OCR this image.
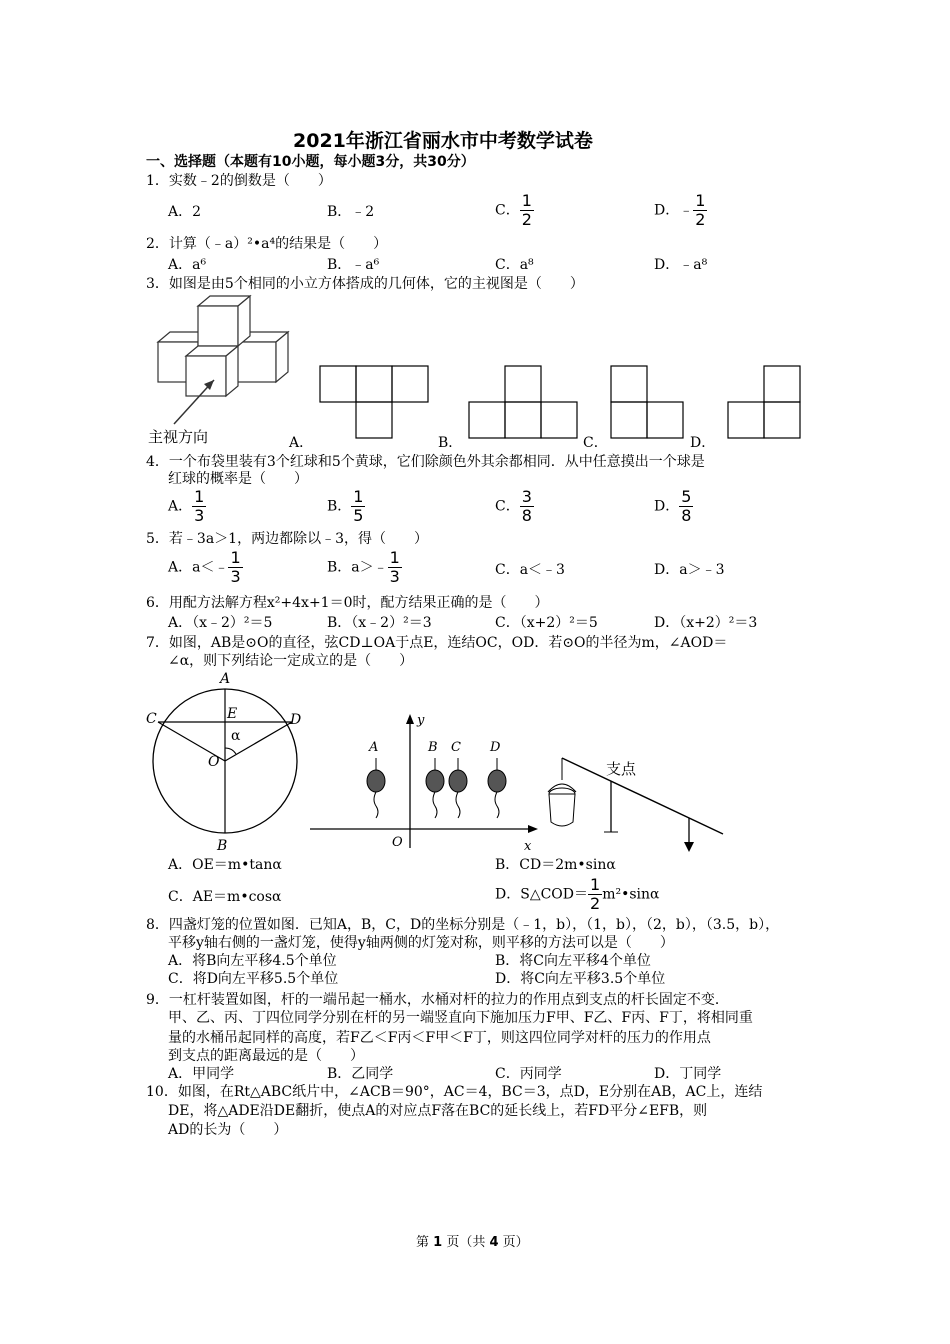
2021年浙江省丽水市中考数学试卷
一、选择题（本题有10小题，每小题3分，共30分）
1．实数﹣2的倒数是（　　）
A．2	B．﹣2	C． $\frac{1}{2}$	D．﹣ $\frac{1}{2}$
2．计算（﹣a）²•a⁴的结果是（　　）
A．a⁶	B．﹣a⁶	C．a⁸	D．﹣a⁸
3．如图是由5个相同的小立方体搭成的几何体，它的主视图是（　　）
主视方向	A．	B．	C．	D．
4．一个布袋里装有3个红球和5个黄球，它们除颜色外其余都相同．从中任意摸出一个球是
红球的概率是（　　）
A． $\frac{1}{3}$	B． $\frac{1}{5}$	C． $\frac{3}{8}$	D． $\frac{5}{8}$
5．若﹣3a＞1，两边都除以﹣3，得（　　）
A．a＜﹣ $\frac{1}{3}$	B．a＞﹣ $\frac{1}{3}$	C．a＜﹣3	D．a＞﹣3
6．用配方法解方程x²+4x+1＝0时，配方结果正确的是（　　）
A．（x﹣2）²＝5	B．（x﹣2）²＝3	C．（x+2）²＝5	D．（x+2）²＝3
7．如图，AB是⊙O的直径，弦CD⊥OA于点E，连结OC，OD．若⊙O的半径为m，∠AOD＝
∠α，则下列结论一定成立的是（　　）
A
C	D
E
O
α
B
y
x
O
A	B C D
支点
A．OE＝m•tanα	B．CD＝2m•sinα
C．AE＝m•cosα	D．S△COD＝ $\frac{1}{2}$ m²•sinα
8．四盏灯笼的位置如图．已知A，B，C，D的坐标分别是（﹣1，b），（1，b），（2，b），（3.5，b），
平移y轴右侧的一盏灯笼，使得y轴两侧的灯笼对称，则平移的方法可以是（　　）
A．将B向左平移4.5个单位	B．将C向左平移4个单位
C．将D向左平移5.5个单位	D．将C向左平移3.5个单位
9．一杠杆装置如图，杆的一端吊起一桶水，水桶对杆的拉力的作用点到支点的杆长固定不变．
甲、乙、丙、丁四位同学分别在杆的另一端竖直向下施加压力F甲、F乙、F丙、F丁，将相同重
量的水桶吊起同样的高度，若F乙＜F丙＜F甲＜F丁，则这四位同学对杆的压力的作用点
到支点的距离最远的是（　　）
A．甲同学	B．乙同学	C．丙同学	D．丁同学
10．如图，在Rt△ABC纸片中，∠ACB＝90°，AC＝4，BC＝3，点D，E分别在AB，AC上，连结
DE，将△ADE沿DE翻折，使点A的对应点F落在BC的延长线上，若FD平分∠EFB，则
AD的长为（　　）
第 1 页（共 4 页）
